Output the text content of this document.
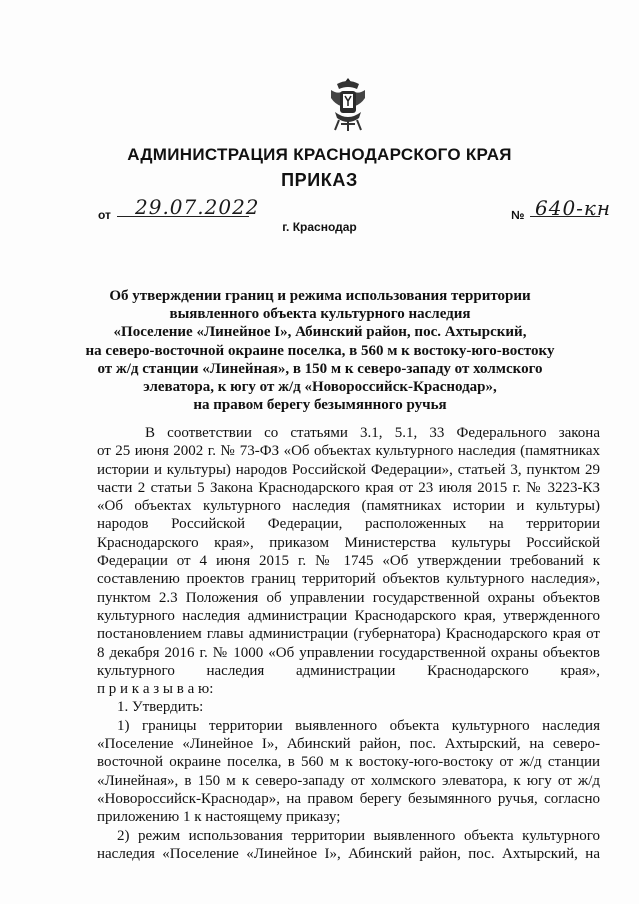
АДМИНИСТРАЦИЯ КРАСНОДАРСКОГО КРАЯ
ПРИКАЗ
от 29.07.2022
г. Краснодар
№ 640-кн
Об утверждении границ и режима использования территории
выявленного объекта культурного наследия
«Поселение «Линейное I», Абинский район, пос. Ахтырский,
на северо-восточной окраине поселка, в 560 м к востоку-юго-востоку
от ж/д станции «Линейная», в 150 м к северо-западу от холмского
элеватора, к югу от ж/д «Новороссийск-Краснодар»,
на правом берегу безымянного ручья
В соответствии со статьями 3.1, 5.1, 33 Федерального закона
от 25 июня 2002 г. № 73-ФЗ «Об объектах культурного наследия (памятниках
истории и культуры) народов Российской Федерации», статьей 3, пунктом 29
части 2 статьи 5 Закона Краснодарского края от 23 июля 2015 г. № 3223-КЗ
«Об объектах культурного наследия (памятниках истории и культуры)
народов Российской Федерации, расположенных на территории
Краснодарского края», приказом Министерства культуры Российской
Федерации от 4 июня 2015 г. № 1745 «Об утверждении требований к
составлению проектов границ территорий объектов культурного наследия»,
пунктом 2.3 Положения об управлении государственной охраны объектов
культурного наследия администрации Краснодарского края, утвержденного
постановлением главы администрации (губернатора) Краснодарского края от
8 декабря 2016 г. № 1000 «Об управлении государственной охраны объектов
культурного наследия администрации Краснодарского края»,
п р и к а з ы в а ю:
1. Утвердить:
1) границы территории выявленного объекта культурного наследия
«Поселение «Линейное I», Абинский район, пос. Ахтырский, на северо-
восточной окраине поселка, в 560 м к востоку-юго-востоку от ж/д станции
«Линейная», в 150 м к северо-западу от холмского элеватора, к югу от ж/д
«Новороссийск-Краснодар», на правом берегу безымянного ручья, согласно
приложению 1 к настоящему приказу;
2) режим использования территории выявленного объекта культурного
наследия «Поселение «Линейное I», Абинский район, пос. Ахтырский, на
